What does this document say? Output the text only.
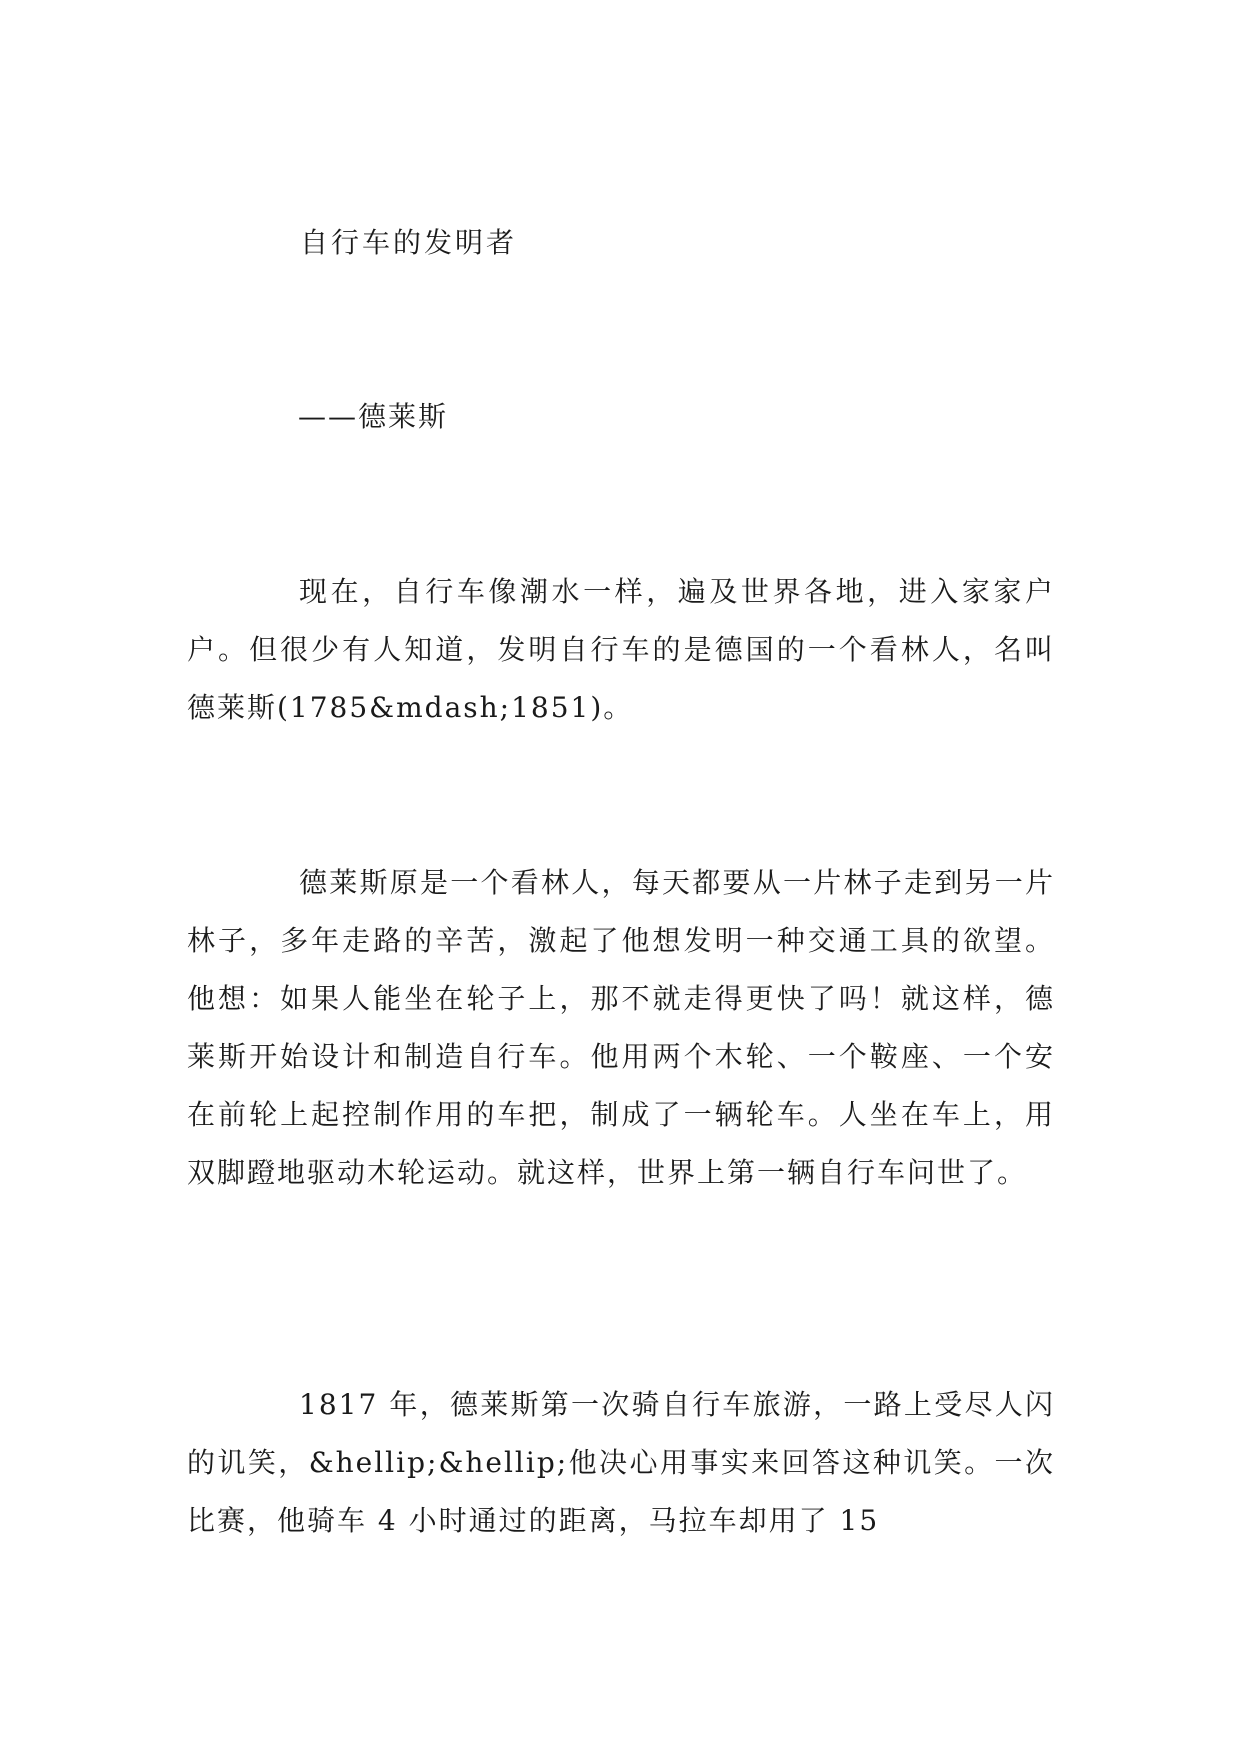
自行车的发明者
——德莱斯

现在，自行车像潮水一样，遍及世界各地，进入家家户户。但很少有人知道，发明自行车的是德国的一个看林人，名叫德莱斯(1785&mdash;1851)。

德莱斯原是一个看林人，每天都要从一片林子走到另一片林子，多年走路的辛苦，激起了他想发明一种交通工具的欲望。他想：如果人能坐在轮子上，那不就走得更快了吗！就这样，德莱斯开始设计和制造自行车。他用两个木轮、一个鞍座、一个安在前轮上起控制作用的车把，制成了一辆轮车。人坐在车上，用双脚蹬地驱动木轮运动。就这样，世界上第一辆自行车问世了。

1817 年，德莱斯第一次骑自行车旅游，一路上受尽人闪的讥笑，&hellip;&hellip;他决心用事实来回答这种讥笑。一次比赛，他骑车 4 小时通过的距离，马拉车却用了 15
